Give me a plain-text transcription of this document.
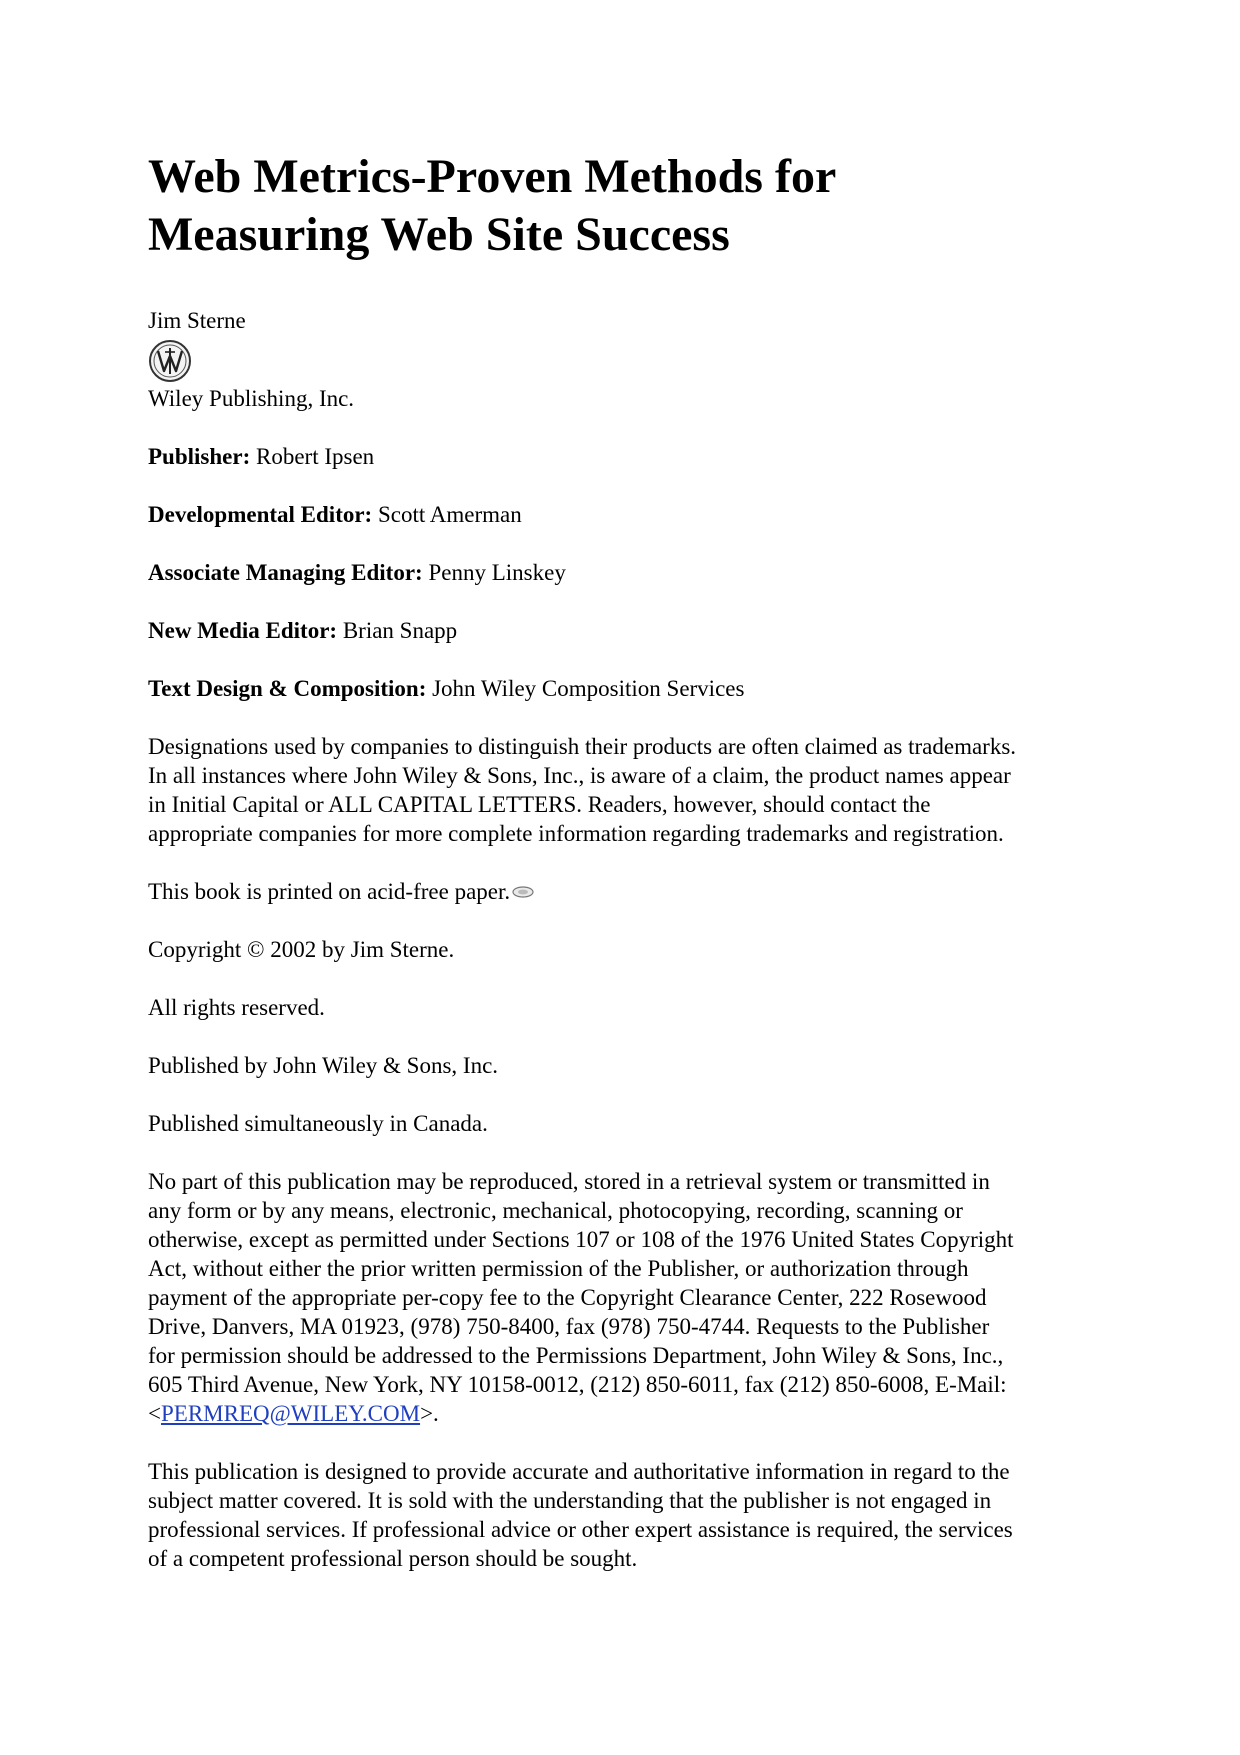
Web Metrics-Proven Methods for
Measuring Web Site Success
Jim Sterne
Wiley Publishing, Inc.
Publisher: Robert Ipsen
Developmental Editor: Scott Amerman
Associate Managing Editor: Penny Linskey
New Media Editor: Brian Snapp
Text Design & Composition: John Wiley Composition Services
Designations used by companies to distinguish their products are often claimed as trademarks.
In all instances where John Wiley & Sons, Inc., is aware of a claim, the product names appear
in Initial Capital or ALL CAPITAL LETTERS. Readers, however, should contact the
appropriate companies for more complete information regarding trademarks and registration.
This book is printed on acid-free paper.
Copyright © 2002 by Jim Sterne.
All rights reserved.
Published by John Wiley & Sons, Inc.
Published simultaneously in Canada.
No part of this publication may be reproduced, stored in a retrieval system or transmitted in
any form or by any means, electronic, mechanical, photocopying, recording, scanning or
otherwise, except as permitted under Sections 107 or 108 of the 1976 United States Copyright
Act, without either the prior written permission of the Publisher, or authorization through
payment of the appropriate per-copy fee to the Copyright Clearance Center, 222 Rosewood
Drive, Danvers, MA 01923, (978) 750-8400, fax (978) 750-4744. Requests to the Publisher
for permission should be addressed to the Permissions Department, John Wiley & Sons, Inc.,
605 Third Avenue, New York, NY 10158-0012, (212) 850-6011, fax (212) 850-6008, E-Mail:
<PERMREQ@WILEY.COM>.
This publication is designed to provide accurate and authoritative information in regard to the
subject matter covered. It is sold with the understanding that the publisher is not engaged in
professional services. If professional advice or other expert assistance is required, the services
of a competent professional person should be sought.
